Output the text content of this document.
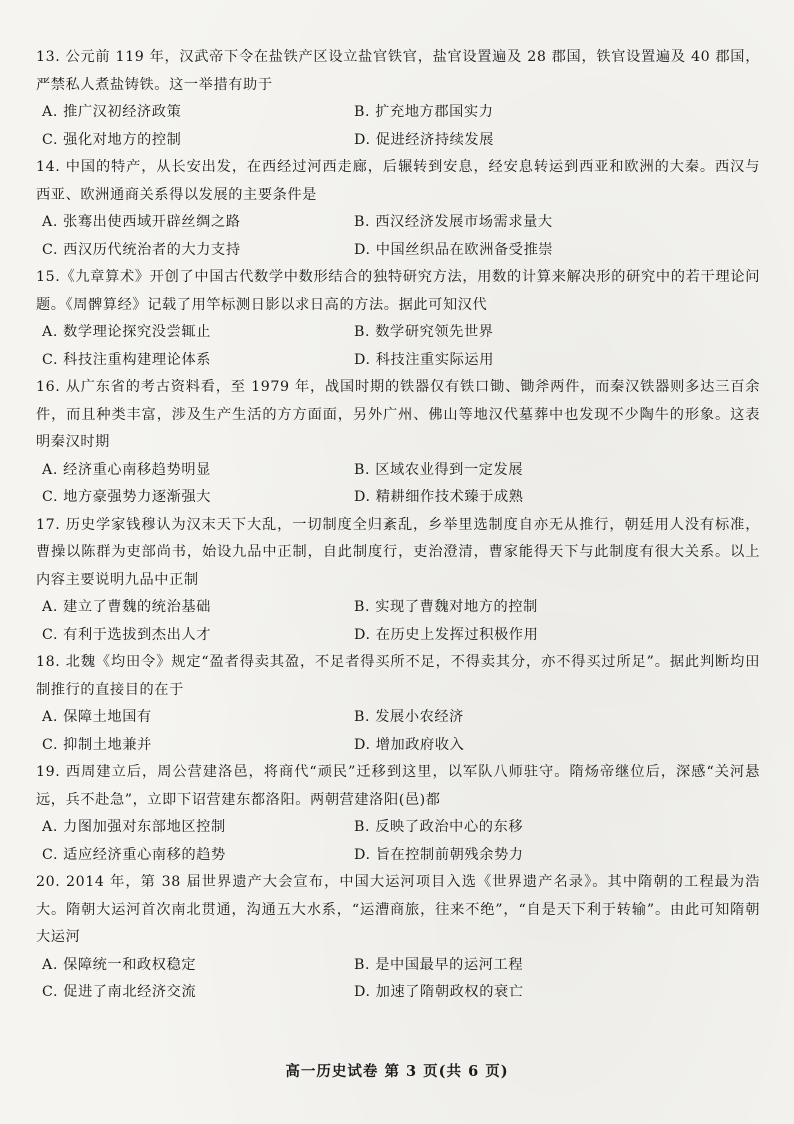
13. 公元前 119 年，汉武帝下令在盐铁产区设立盐官铁官，盐官设置遍及 28 郡国，铁官设置遍及 40 郡国，严禁私人煮盐铸铁。这一举措有助于

A. 推广汉初经济政策	B. 扩充地方郡国实力
C. 强化对地方的控制	D. 促进经济持续发展

14. 中国的特产，从长安出发，在西经过河西走廊，后辗转到安息，经安息转运到西亚和欧洲的大秦。西汉与西亚、欧洲通商关系得以发展的主要条件是

A. 张骞出使西域开辟丝绸之路	B. 西汉经济发展市场需求量大
C. 西汉历代统治者的大力支持	D. 中国丝织品在欧洲备受推崇

15.《九章算术》开创了中国古代数学中数形结合的独特研究方法，用数的计算来解决形的研究中的若干理论问题。《周髀算经》记载了用竿标测日影以求日高的方法。据此可知汉代

A. 数学理论探究没尝辄止	B. 数学研究领先世界
C. 科技注重构建理论体系	D. 科技注重实际运用

16. 从广东省的考古资料看，至 1979 年，战国时期的铁器仅有铁口锄、锄斧两件，而秦汉铁器则多达三百余件，而且种类丰富，涉及生产生活的方方面面，另外广州、佛山等地汉代墓葬中也发现不少陶牛的形象。这表明秦汉时期

A. 经济重心南移趋势明显	B. 区域农业得到一定发展
C. 地方豪强势力逐渐强大	D. 精耕细作技术臻于成熟

17. 历史学家钱穆认为汉末天下大乱，一切制度全归紊乱，乡举里选制度自亦无从推行，朝廷用人没有标准，曹操以陈群为吏部尚书，始设九品中正制，自此制度行，吏治澄清，曹家能得天下与此制度有很大关系。以上内容主要说明九品中正制

A. 建立了曹魏的统治基础	B. 实现了曹魏对地方的控制
C. 有利于选拔到杰出人才	D. 在历史上发挥过积极作用

18. 北魏《均田令》规定“盈者得卖其盈，不足者得买所不足，不得卖其分，亦不得买过所足”。据此判断均田制推行的直接目的在于

A. 保障土地国有	B. 发展小农经济
C. 抑制土地兼并	D. 增加政府收入

19. 西周建立后，周公营建洛邑，将商代“顽民”迁移到这里，以军队八师驻守。隋炀帝继位后，深感“关河悬远，兵不赴急”，立即下诏营建东都洛阳。两朝营建洛阳(邑)都

A. 力图加强对东部地区控制	B. 反映了政治中心的东移
C. 适应经济重心南移的趋势	D. 旨在控制前朝残余势力

20. 2014 年，第 38 届世界遗产大会宣布，中国大运河项目入选《世界遗产名录》。其中隋朝的工程最为浩大。隋朝大运河首次南北贯通，沟通五大水系，“运漕商旅，往来不绝”，“自是天下利于转输”。由此可知隋朝大运河

A. 保障统一和政权稳定	B. 是中国最早的运河工程
C. 促进了南北经济交流	D. 加速了隋朝政权的衰亡
高一历史试卷 第 3 页(共 6 页)
